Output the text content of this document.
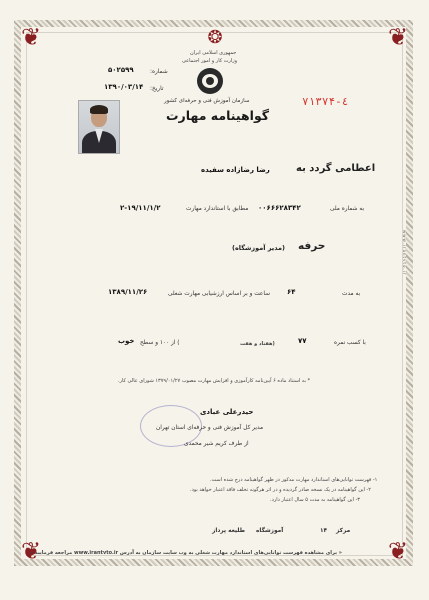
❦	❦
❦	❦
❂
جمهوری اسلامی ایران
وزارت کار و امور اجتماعی
سازمان آموزش فنی و حرفه‌ای کشور
گواهینامه مهارت
شماره:
۵۰۲۵۹۹
تاریخ:
۱۳۹۰/۰۳/۱۴
۷۱۳۷۴-٤
اعطامی گردد به
رضا رضازاده سفیده
به شماره ملی
۰۰۶۶۶۲۸۳۴۲
مطابق با استاندارد مهارت
۲-۱۹/۱۱/۱/۲
حرفه
(مدیر آموزشگاه)
به مدت
۶۴
ساعت و بر اساس ارزشیابی مهارت شغلی
۱۳۸۹/۱۱/۲۶
با کسب نمره
۷۷
(هفتاد و هفت
) از ۱۰۰ و سطح
خوب
* به استناد ماده ۶ آیین‌نامه کارآموزی و افزایش مهارت مصوب ۱۳۷۹/۰۱/۲۷ شورای عالی کار.
حیدرعلی عبادی
مدیر کل آموزش فنی و حرفه‌ای استان تهران
از طرف کریم شیر محمدی
۱- فهرست توانایی‌های استاندارد مهارت مذکور در ظهر گواهینامه درج شده است.
۲- این گواهینامه در یک نسخه صادر گردیده و در اثر هرگونه تخلف فاقد اعتبار خواهد بود.
۳- این گواهینامه به مدت ۵ سال اعتبار دارد.
مرکز
۱۴
آموزشگاه
طلیعه پرداز
« برای مشاهده فهرست توانایی‌های استاندارد مهارت شغلی به وب سایت سازمان به آدرس www.irantvto.ir مراجعه فرمایید »
www.irantvto.ir
